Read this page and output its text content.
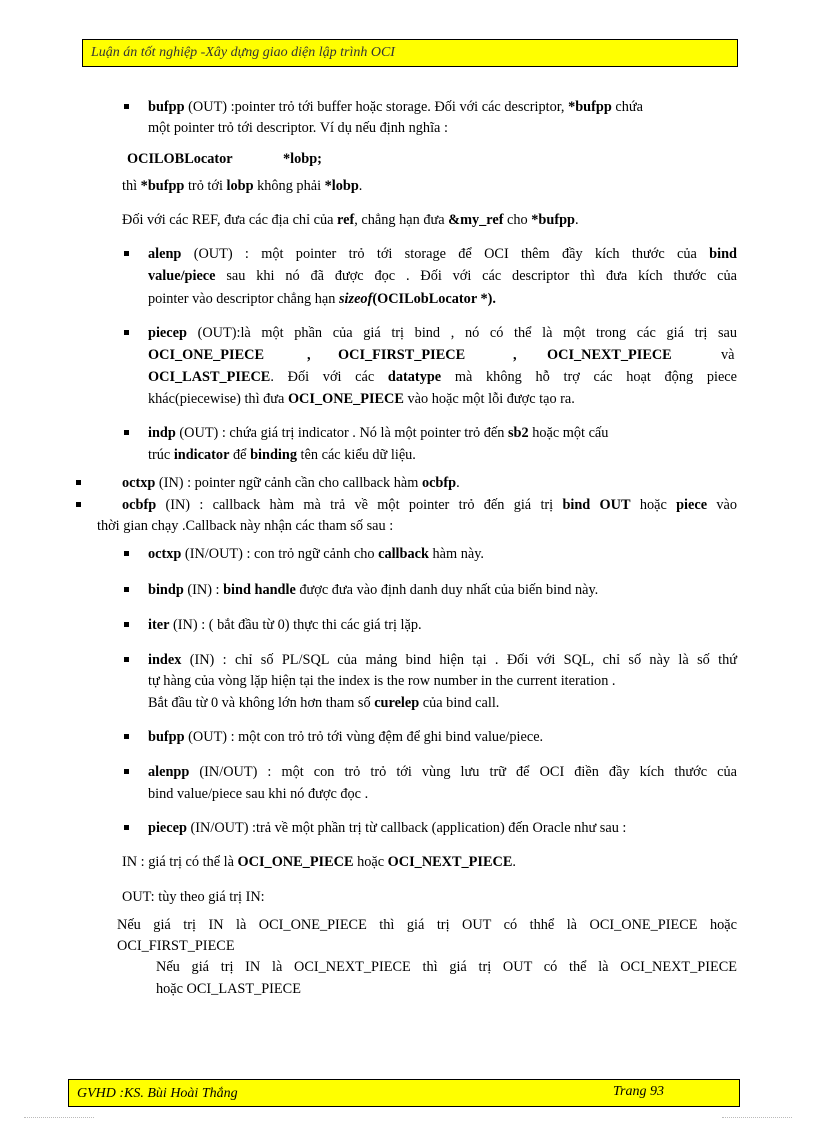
Luận án tốt nghiệp -Xây dựng giao diện lập trình OCI
bufpp (OUT) :pointer trỏ tới buffer hoặc storage. Đối với các descriptor, *bufpp chứa
một pointer trỏ tới descriptor. Ví dụ nếu định nghĩa :
OCILOBLocator	*lobp;
thì *bufpp trỏ tới lobp không phải *lobp.
Đối với các REF, đưa các địa chỉ của ref, chẳng hạn đưa &my_ref cho *bufpp.
alenp (OUT) : một pointer trỏ tới storage để OCI thêm đầy kích thước của bind
value/piece sau khi nó đã được đọc . Đối với các descriptor thì đưa kích thước của
pointer vào descriptor chẳng hạn sizeof(OCILobLocator *).
piecep (OUT):là một phần của giá trị bind , nó có thể là một trong các giá trị sau
OCI_ONE_PIECE	, OCI_FIRST_PIECE	, OCI_NEXT_PIECE	và
OCI_LAST_PIECE. Đối với các datatype mà không hỗ trợ các hoạt động piece
khác(piecewise) thì đưa OCI_ONE_PIECE vào hoặc một lỗi được tạo ra.
indp (OUT) : chứa giá trị indicator . Nó là một pointer trỏ đến sb2 hoặc một cấu
trúc indicator để binding tên các kiểu dữ liệu.
octxp (IN) : pointer ngữ cảnh cần cho callback hàm ocbfp.
ocbfp (IN) : callback hàm mà trả về một pointer trỏ đến giá trị bind OUT hoặc piece vào
thời gian chạy .Callback này nhận các tham số sau :
octxp (IN/OUT) : con trỏ ngữ cảnh cho callback hàm này.
bindp (IN) : bind handle được đưa vào định danh duy nhất của biến bind này.
iter (IN) : ( bắt đầu từ 0) thực thi các giá trị lặp.
index (IN) : chỉ số PL/SQL của mảng bind hiện tại . Đối với SQL, chỉ số này là số thứ
tự hàng của vòng lặp hiện tại the index is the row number in the current iteration .
Bắt đầu từ 0 và không lớn hơn tham số curelep của bind call.
bufpp (OUT) : một con trỏ trỏ tới vùng đệm để ghi bind value/piece.
alenpp (IN/OUT) : một con trỏ trỏ tới vùng lưu trữ để OCI điền đầy kích thước của
bind value/piece sau khi nó được đọc .
piecep (IN/OUT) :trả về một phần trị từ callback (application) đến Oracle như sau :
IN : giá trị có thể là OCI_ONE_PIECE hoặc OCI_NEXT_PIECE.
OUT: tùy theo giá trị IN:
Nếu giá trị IN là OCI_ONE_PIECE thì giá trị OUT có thhể là OCI_ONE_PIECE hoặc
OCI_FIRST_PIECE
Nếu giá trị IN là OCI_NEXT_PIECE thì giá trị OUT có thể là OCI_NEXT_PIECE
hoặc OCI_LAST_PIECE
GVHD :KS. Bùi Hoài Thắng	Trang 93
